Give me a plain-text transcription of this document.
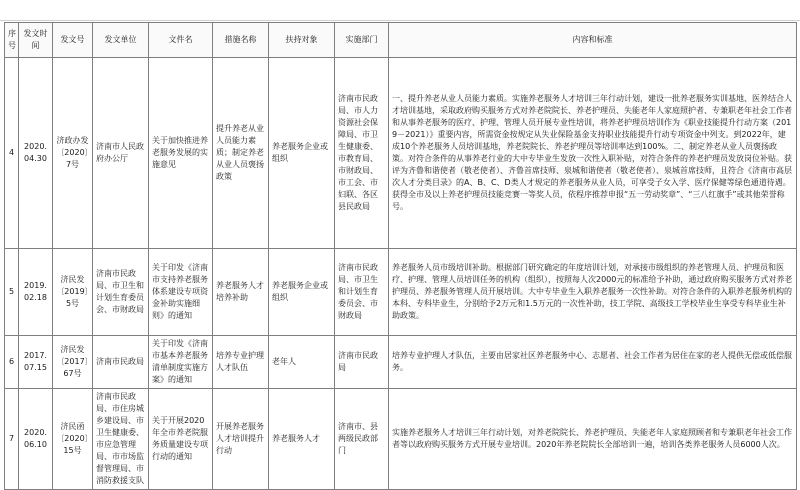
序号	发文时间	发文号	发文单位	文件名	措施名称	扶持对象	实施部门	内容和标准
4	2020.04.30	济政办发〔2020〕7号	济南市人民政府办公厅	关于加快推进养老服务发展的实施意见	提升养老从业人员能力素质；制定养老从业人员褒扬政策	养老服务企业或组织	济南市民政局、市人力资源社会保障局、市卫生健康委、市教育局、市财政局、市工会、市妇联、各区县民政局	一、提升养老从业人员能力素质。实施养老服务人才培训三年行动计划，建设一批养老服务实训基地、医养结合人才培训基地，采取政府购买服务方式对养老院院长、养老护理员、失能老年人家庭照护者、专兼职老年社会工作者和从事养老服务的医疗、护理、管理人员开展专业性培训，将养老护理员培训作为《职业技能提升行动方案（2019－2021）》重要内容，所需资金按规定从失业保险基金支持职业技能提升行动专项资金中列支。到2022年，建成10个养老服务人员培训基地，养老院院长、养老护理员等培训率达到100%。二、制定养老从业人员褒扬政策。对符合条件的从事养老行业的大中专毕业生发放一次性入职补贴，对符合条件的养老护理员发放岗位补贴。获评为齐鲁和谐使者（敬老使者）、齐鲁首席技师、泉城和谐使者（敬老使者）、泉城首席技师，且符合《济南市高层次人才分类目录》的A、B、C、D类人才规定的养老服务从业人员，可享受子女入学、医疗保健等绿色通道待遇。获得全市及以上养老护理员技能竞赛一等奖人员，依程序推荐申报“五一劳动奖章”、“三八红旗手”或其他荣誉称号。
5	2019.02.18	济民发〔2019〕5号	济南市民政局、市卫生和计划生育委员会、市财政局	关于印发《济南市支持养老服务体系建设专项资金补助实施细则》的通知	养老服务人才培养补助	养老服务企业或组织	济南市民政局、市卫生和计划生育委员会、市财政局	养老服务人员市级培训补助。根据部门研究确定的年度培训计划，对承接市级组织的养老管理人员、护理员和医疗、护理、管理人员培训任务的机构（组织），按照每人次2000元的标准给予补助，通过政府购买服务方式对养老护理员、养老服务管理人员开展培训。大中专毕业生入职养老服务一次性补助。对符合条件的入职养老服务机构的本科、专科毕业生，分别给予2万元和1.5万元的一次性补助，技工学院、高级技工学校毕业生享受专科毕业生补助政策。
6	2017.07.15	济民发〔2017〕67号	济南市民政局	关于印发《济南市基本养老服务清单制度实施方案》的通知	培养专业护理人才队伍	老年人	济南市民政局	培养专业护理人才队伍，主要由居家社区养老服务中心、志愿者、社会工作者为居住在家的老人提供无偿或低偿服务。
7	2020.06.10	济民函〔2020〕15号	济南市民政局、市住房城乡建设局、市卫生健康委、市应急管理局、市市场监督管理局、市消防救援支队	关于开展2020年全市养老院服务质量建设专项行动的通知	开展养老服务人才培训提升行动	养老服务人才	济南市、县两级民政部门	实施养老服务人才培训三年行动计划，对养老院院长、养老护理员、失能老年人家庭照顾者和专兼职老年社会工作者等以政府购买服务方式开展专业培训。2020年养老院院长全部培训一遍，培训各类养老服务人员6000人次。
